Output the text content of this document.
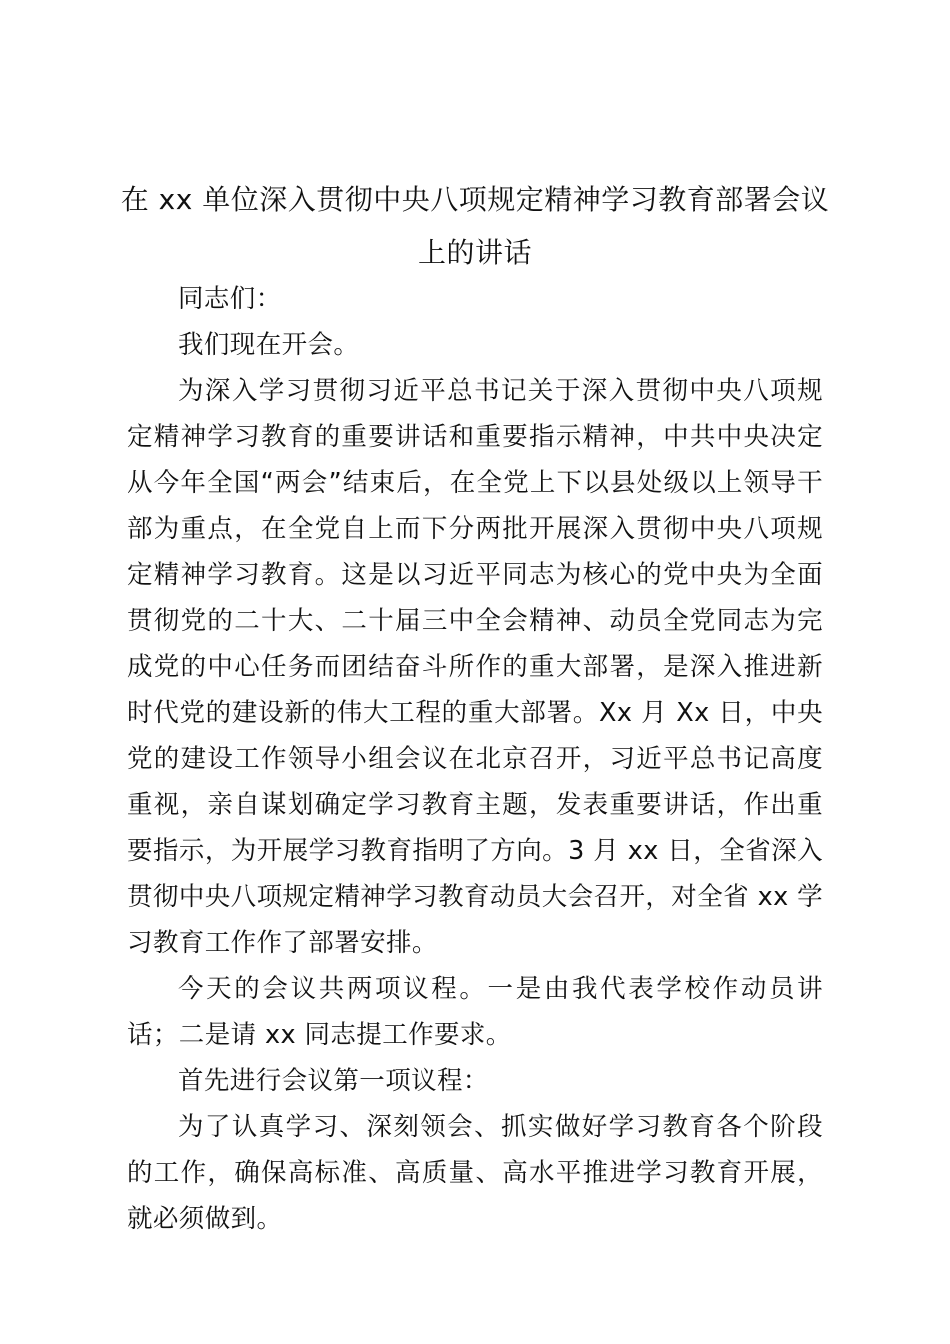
在 xx 单位深入贯彻中央八项规定精神学习教育部署会议上的讲话

同志们：

我们现在开会。

为深入学习贯彻习近平总书记关于深入贯彻中央八项规定精神学习教育的重要讲话和重要指示精神，中共中央决定从今年全国“两会”结束后，在全党上下以县处级以上领导干部为重点，在全党自上而下分两批开展深入贯彻中央八项规定精神学习教育。这是以习近平同志为核心的党中央为全面贯彻党的二十大、二十届三中全会精神、动员全党同志为完成党的中心任务而团结奋斗所作的重大部署，是深入推进新时代党的建设新的伟大工程的重大部署。Xx 月 Xx 日，中央党的建设工作领导小组会议在北京召开，习近平总书记高度重视，亲自谋划确定学习教育主题，发表重要讲话，作出重要指示，为开展学习教育指明了方向。3 月 xx 日，全省深入贯彻中央八项规定精神学习教育动员大会召开，对全省 xx 学习教育工作作了部署安排。

今天的会议共两项议程。一是由我代表学校作动员讲话；二是请 xx 同志提工作要求。

首先进行会议第一项议程：

为了认真学习、深刻领会、抓实做好学习教育各个阶段的工作，确保高标准、高质量、高水平推进学习教育开展，就必须做到。
